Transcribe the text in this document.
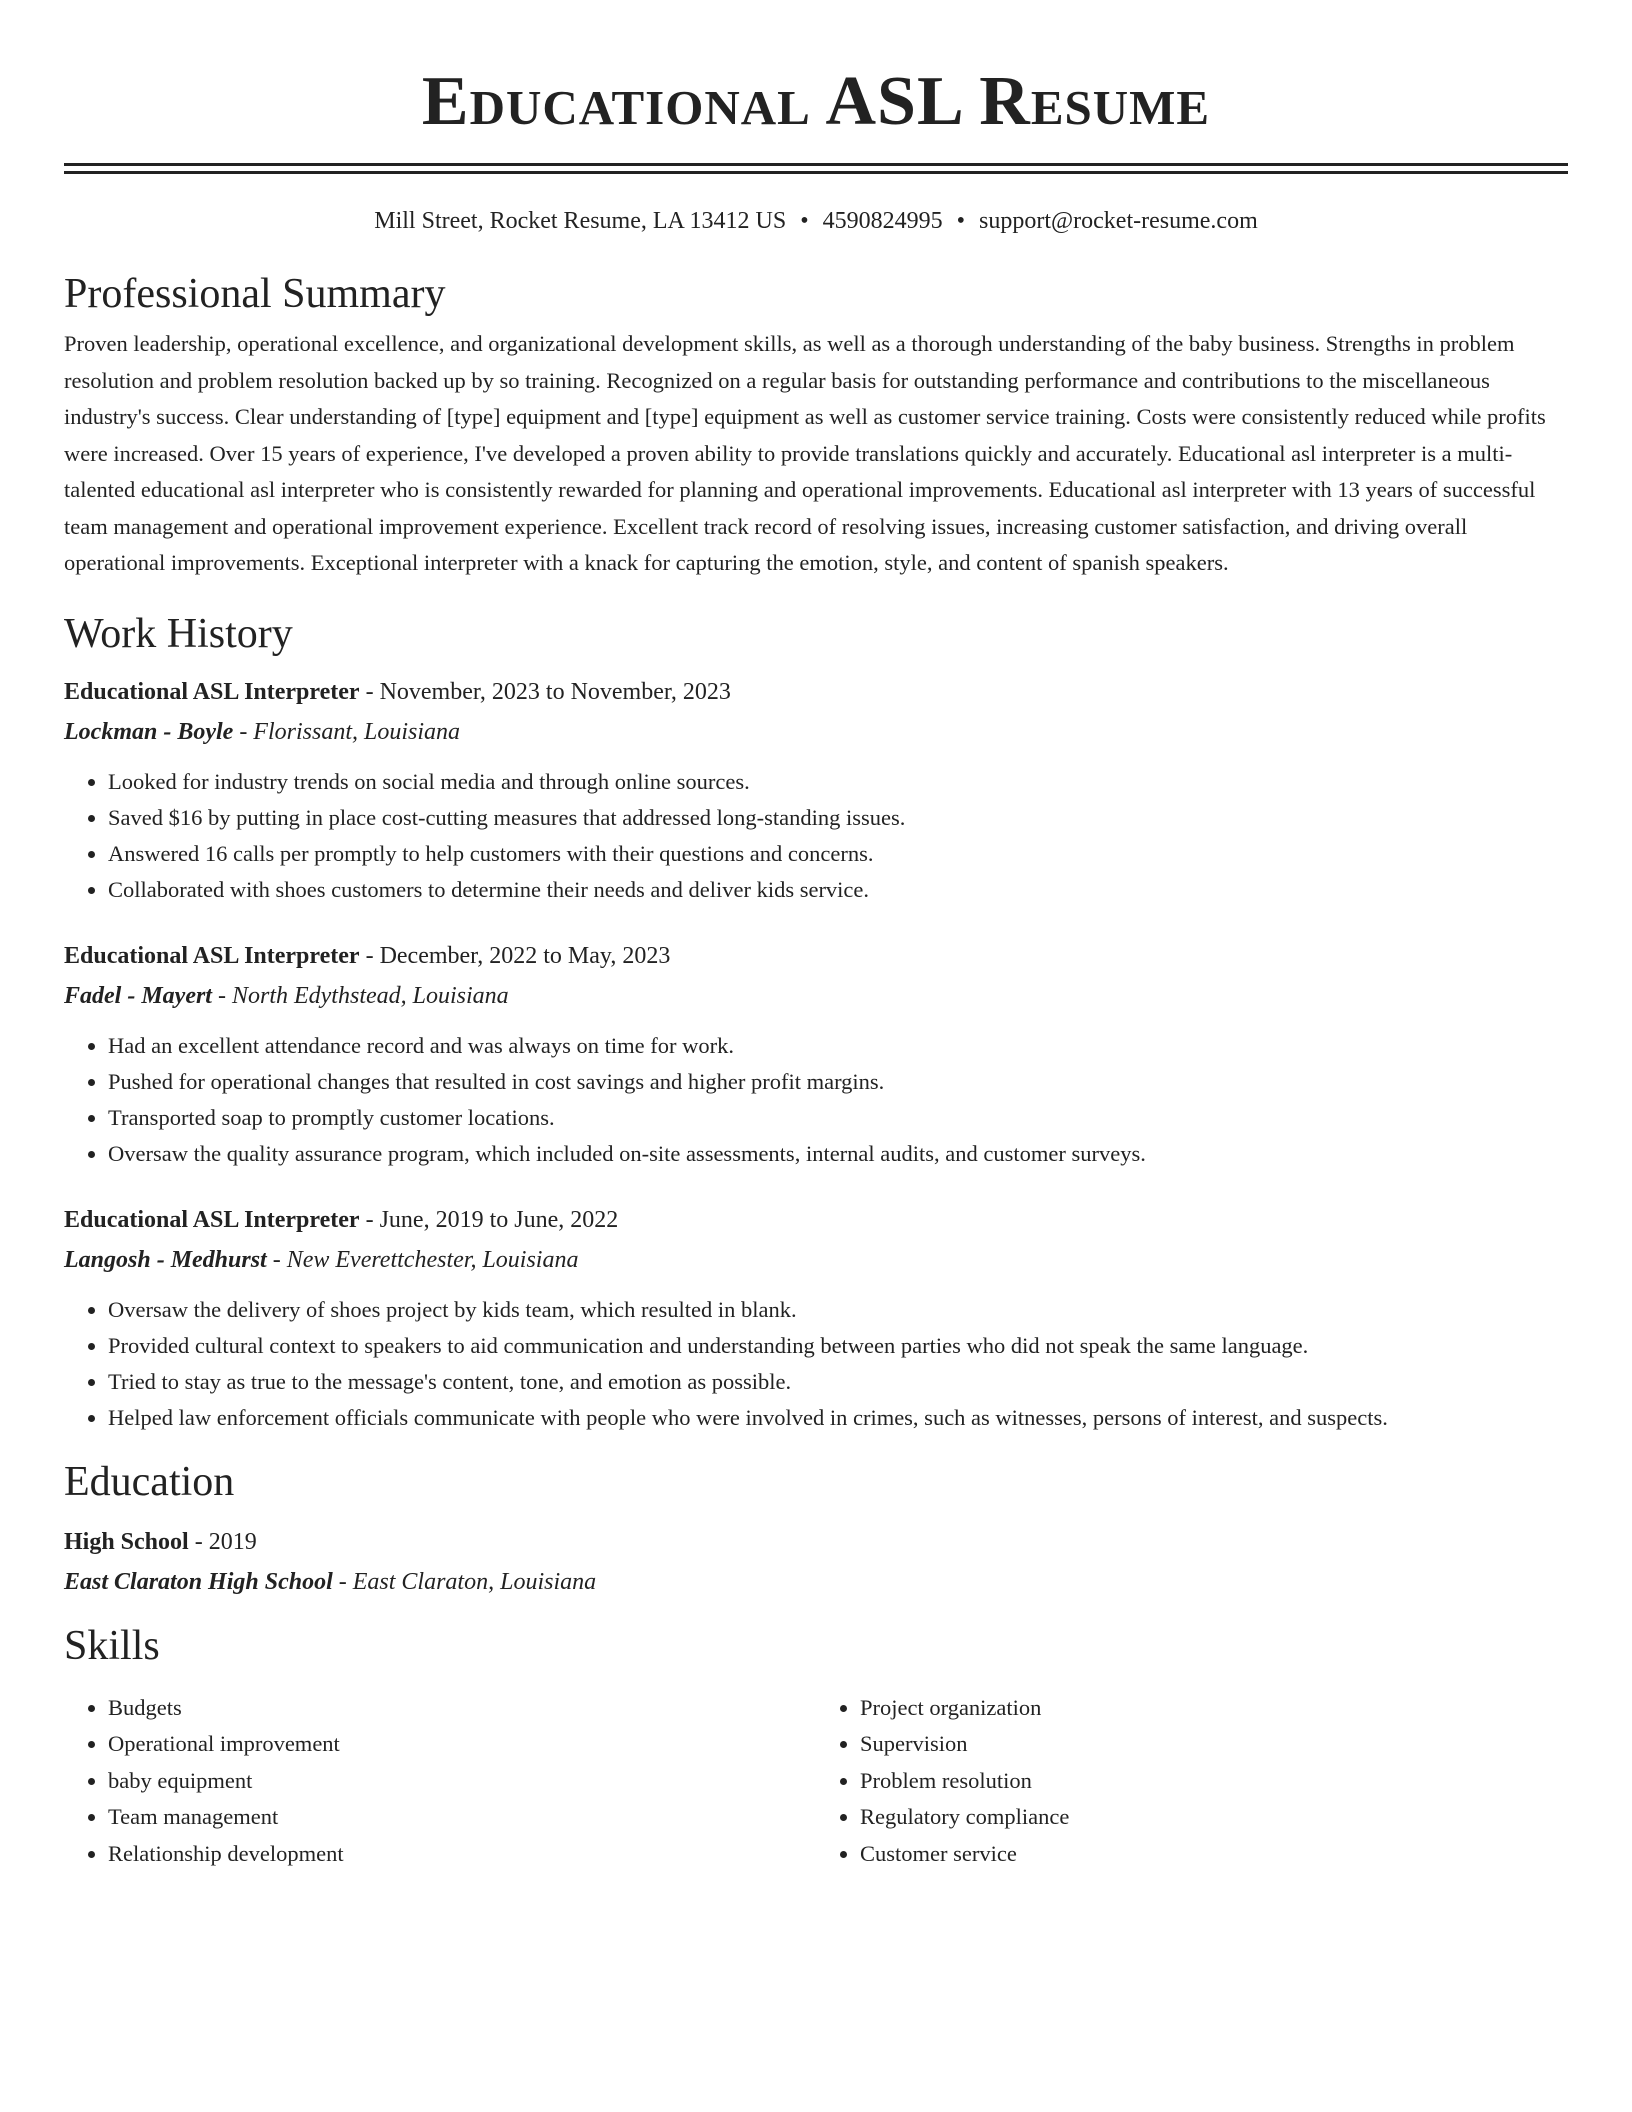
Educational ASL Resume
Mill Street, Rocket Resume, LA 13412 US • 4590824995 • support@rocket-resume.com
Professional Summary

Proven leadership, operational excellence, and organizational development skills, as well as a thorough understanding of the baby business. Strengths in problem resolution and problem resolution backed up by so training. Recognized on a regular basis for outstanding performance and contributions to the miscellaneous industry's success. Clear understanding of [type] equipment and [type] equipment as well as customer service training. Costs were consistently reduced while profits were increased. Over 15 years of experience, I've developed a proven ability to provide translations quickly and accurately. Educational asl interpreter is a multi-talented educational asl interpreter who is consistently rewarded for planning and operational improvements. Educational asl interpreter with 13 years of successful team management and operational improvement experience. Excellent track record of resolving issues, increasing customer satisfaction, and driving overall operational improvements. Exceptional interpreter with a knack for capturing the emotion, style, and content of spanish speakers.

Work History
Educational ASL Interpreter - November, 2023 to November, 2023
Lockman - Boyle - Florissant, Louisiana
• Looked for industry trends on social media and through online sources.
• Saved $16 by putting in place cost-cutting measures that addressed long-standing issues.
• Answered 16 calls per promptly to help customers with their questions and concerns.
• Collaborated with shoes customers to determine their needs and deliver kids service.
Educational ASL Interpreter - December, 2022 to May, 2023
Fadel - Mayert - North Edythstead, Louisiana
• Had an excellent attendance record and was always on time for work.
• Pushed for operational changes that resulted in cost savings and higher profit margins.
• Transported soap to promptly customer locations.
• Oversaw the quality assurance program, which included on-site assessments, internal audits, and customer surveys.
Educational ASL Interpreter - June, 2019 to June, 2022
Langosh - Medhurst - New Everettchester, Louisiana
• Oversaw the delivery of shoes project by kids team, which resulted in blank.
• Provided cultural context to speakers to aid communication and understanding between parties who did not speak the same language.
• Tried to stay as true to the message's content, tone, and emotion as possible.
• Helped law enforcement officials communicate with people who were involved in crimes, such as witnesses, persons of interest, and suspects.
Education
High School - 2019
East Claraton High School - East Claraton, Louisiana
Skills
• Budgets
• Operational improvement
• baby equipment
• Team management
• Relationship development
• Project organization
• Supervision
• Problem resolution
• Regulatory compliance
• Customer service
